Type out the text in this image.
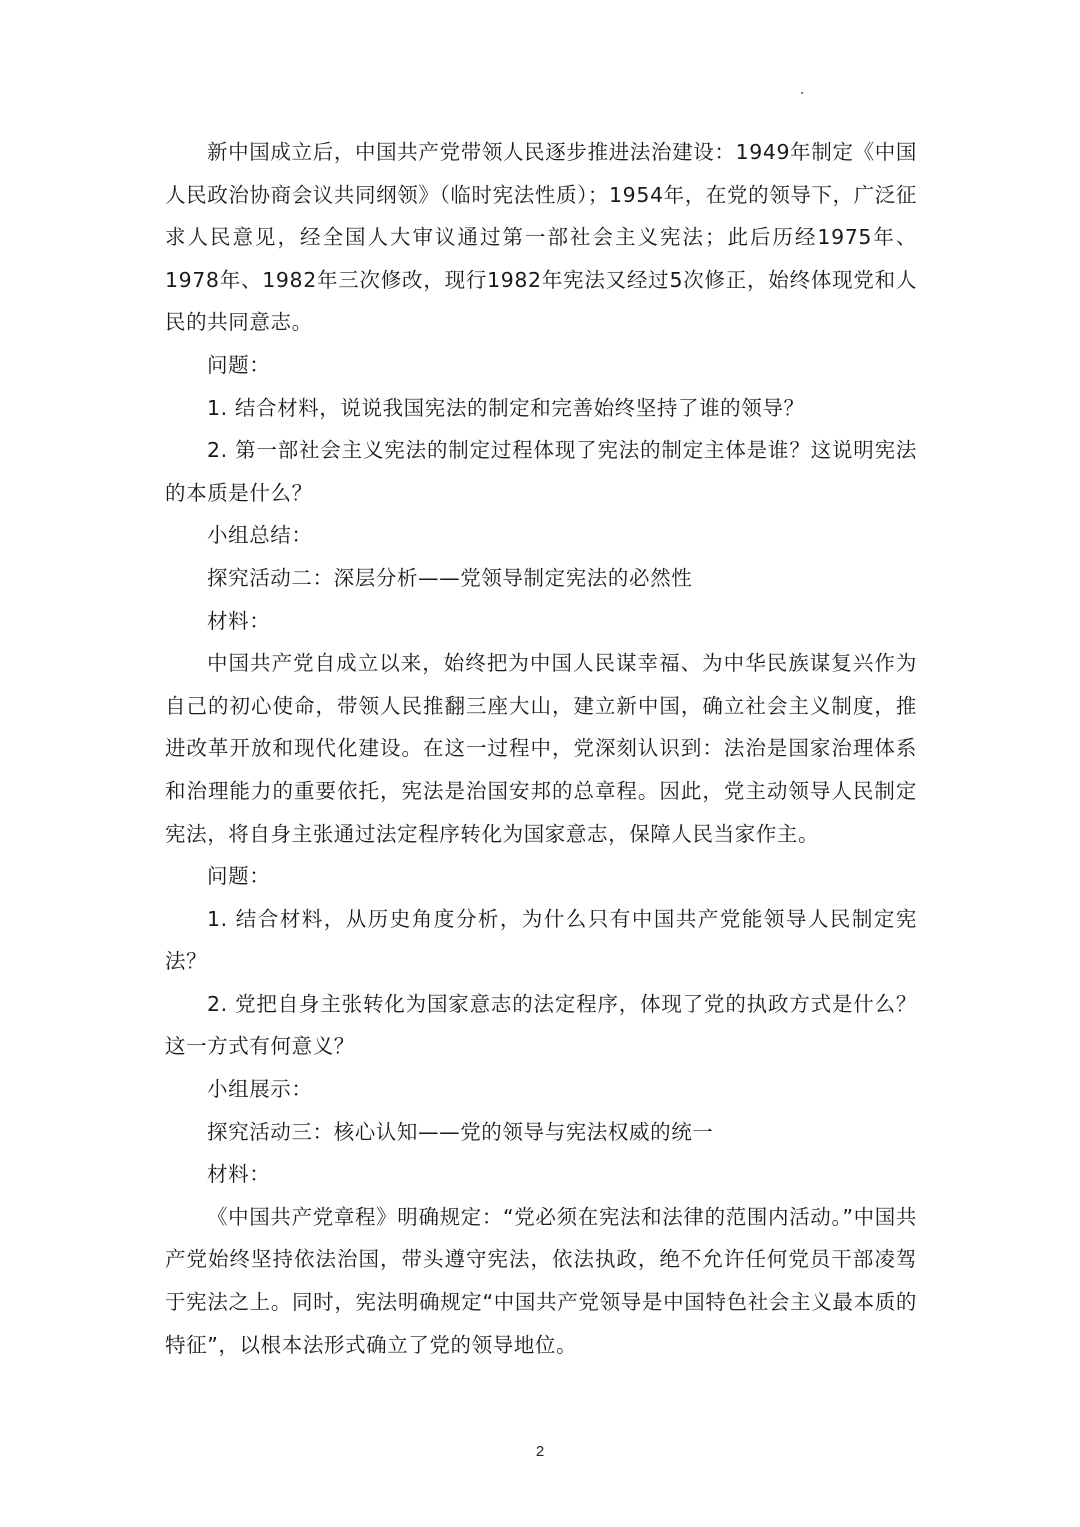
新中国成立后，中国共产党带领人民逐步推进法治建设：1949年制定《中国人民政治协商会议共同纲领》（临时宪法性质）；1954年，在党的领导下，广泛征求人民意见，经全国人大审议通过第一部社会主义宪法；此后历经1975年、1978年、1982年三次修改，现行1982年宪法又经过5次修正，始终体现党和人民的共同意志。

问题：

1. 结合材料，说说我国宪法的制定和完善始终坚持了谁的领导？

2. 第一部社会主义宪法的制定过程体现了宪法的制定主体是谁？这说明宪法的本质是什么？

小组总结：

探究活动二：深层分析——党领导制定宪法的必然性

材料：

中国共产党自成立以来，始终把为中国人民谋幸福、为中华民族谋复兴作为自己的初心使命，带领人民推翻三座大山，建立新中国，确立社会主义制度，推进改革开放和现代化建设。在这一过程中，党深刻认识到：法治是国家治理体系和治理能力的重要依托，宪法是治国安邦的总章程。因此，党主动领导人民制定宪法，将自身主张通过法定程序转化为国家意志，保障人民当家作主。

问题：

1. 结合材料，从历史角度分析，为什么只有中国共产党能领导人民制定宪法？

2. 党把自身主张转化为国家意志的法定程序，体现了党的执政方式是什么？这一方式有何意义？

小组展示：

探究活动三：核心认知——党的领导与宪法权威的统一

材料：

《中国共产党章程》明确规定：“党必须在宪法和法律的范围内活动。”中国共产党始终坚持依法治国，带头遵守宪法，依法执政，绝不允许任何党员干部凌驾于宪法之上。同时，宪法明确规定“中国共产党领导是中国特色社会主义最本质的特征”，以根本法形式确立了党的领导地位。

2
